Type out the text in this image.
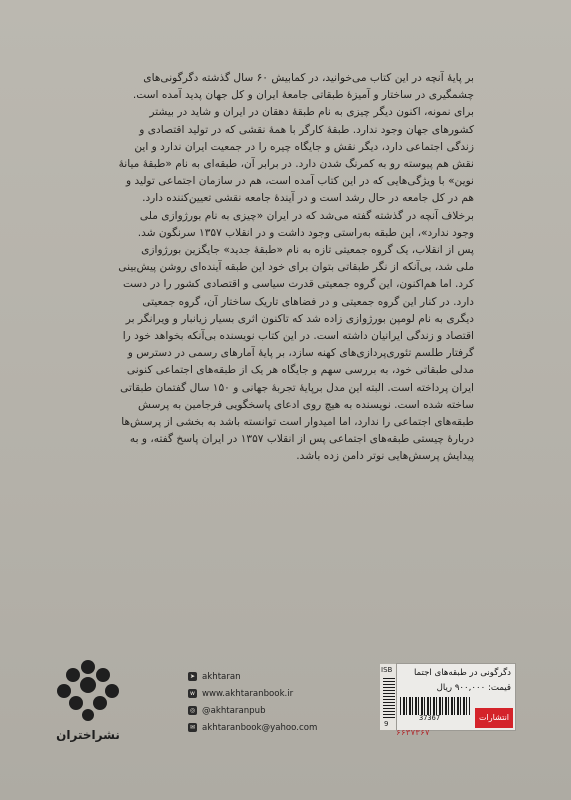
بر پایهٔ آنچه در این کتاب می‌خوانید، در کمابیش ۶۰ سال گذشته دگرگونی‌های

چشمگیری در ساختار و آمیزهٔ طبقاتی جامعهٔ ایران و کل جهان پدید آمده است.

برای نمونه، اکنون دیگر چیزی به نام طبقهٔ دهقان در ایران و شاید در بیشتر

کشورهای جهان وجود ندارد. طبقهٔ کارگر با همهٔ نقشی که در تولید اقتصادی و

زندگی اجتماعی دارد، دیگر نقش و جایگاه چیره را در جمعیت ایران ندارد و این

نقش هم پیوسته رو به کمرنگ شدن دارد. در برابر آن، طبقه‌ای به نام «طبقهٔ میانهٔ

نوین» با ویژگی‌هایی که در این کتاب آمده است، هم در سازمان اجتماعی تولید و

هم در کل جامعه در حال رشد است و در آیندهٔ جامعه نقشی تعیین‌کننده دارد.

برخلاف آنچه در گذشته گفته می‌شد که در ایران «چیزی به نام بورژوازی ملی

وجود ندارد»، این طبقه به‌راستی وجود داشت و در انقلاب ۱۳۵۷ سرنگون شد.

پس از انقلاب، یک گروه جمعیتی تازه به نام «طبقهٔ جدید» جایگزین بورژوازی

ملی شد، بی‌آنکه از نگر طبقاتی بتوان برای خود این طبقه آینده‌ای روشن پیش‌بینی

کرد. اما هم‌اکنون، این گروه جمعیتی قدرت سیاسی و اقتصادی کشور را در دست

دارد. در کنار این گروه جمعیتی و در فضاهای تاریک ساختار آن، گروه جمعیتی

دیگری به نام لومپن بورژوازی زاده شد که تاکنون اثری بسیار زیانبار و ویرانگر بر

اقتصاد و زندگی ایرانیان داشته است. در این کتاب نویسنده بی‌آنکه بخواهد خود را

گرفتار طلسم تئوری‌پردازی‌های کهنه سازد، بر پایهٔ آمارهای رسمی در دسترس و

مدلی طبقاتی خود، به بررسی سهم و جایگاه هر یک از طبقه‌های اجتماعی کنونی

ایران پرداخته است. البته این مدل برپایهٔ تجربهٔ جهانی و ۱۵۰ سال گفتمان طبقاتی

ساخته شده است. نویسنده به هیچ روی ادعای پاسخگویی فرجامین به پرسش

طبقه‌های اجتماعی را ندارد، اما امیدوار است توانسته باشد به بخشی از پرسش‌ها

دربارهٔ چیستی طبقه‌های اجتماعی پس از انقلاب ۱۳۵۷ در ایران پاسخ گفته، و به

پیدایش پرسش‌هایی نوتر دامن زده باشد.

نشراختران
➤ akhtaran
w www.akhtaranbook.ir
◎ @akhtaranpub
✉ akhtaranbook@yahoo.com
ISB
9
دگرگونی در طبقه‌های اجتما
قیمت: ۹۰۰,۰۰۰ ریال
37367	انتشارات
۶۶۳۷۳۶۷
